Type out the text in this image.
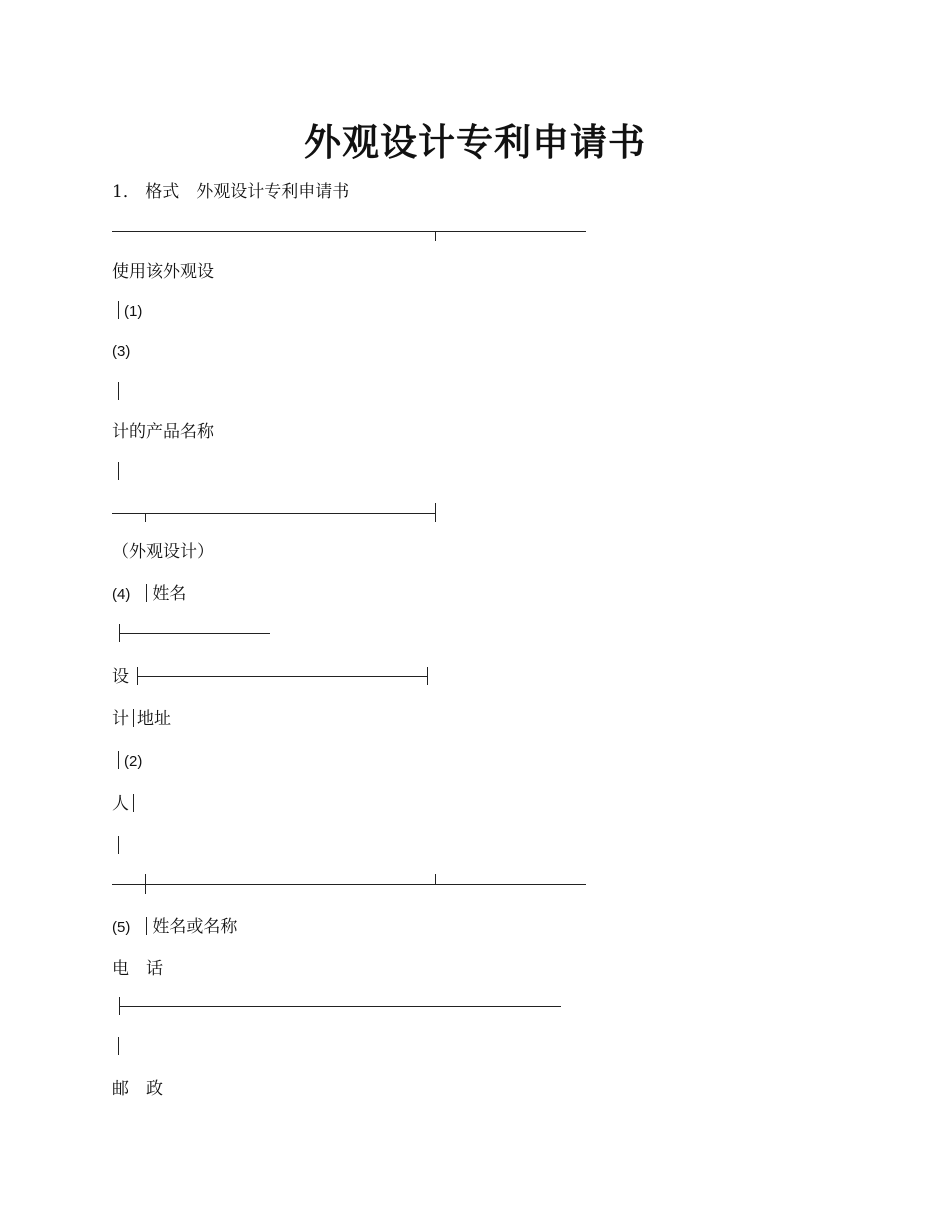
外观设计专利申请书
1． 格式　外观设计专利申请书
使用该外观设
(1)
(3)
计的产品名称
（外观设计）
(4) 姓名
设
计 地址
(2)
人
(5) 姓名或名称
电　话
邮　政
